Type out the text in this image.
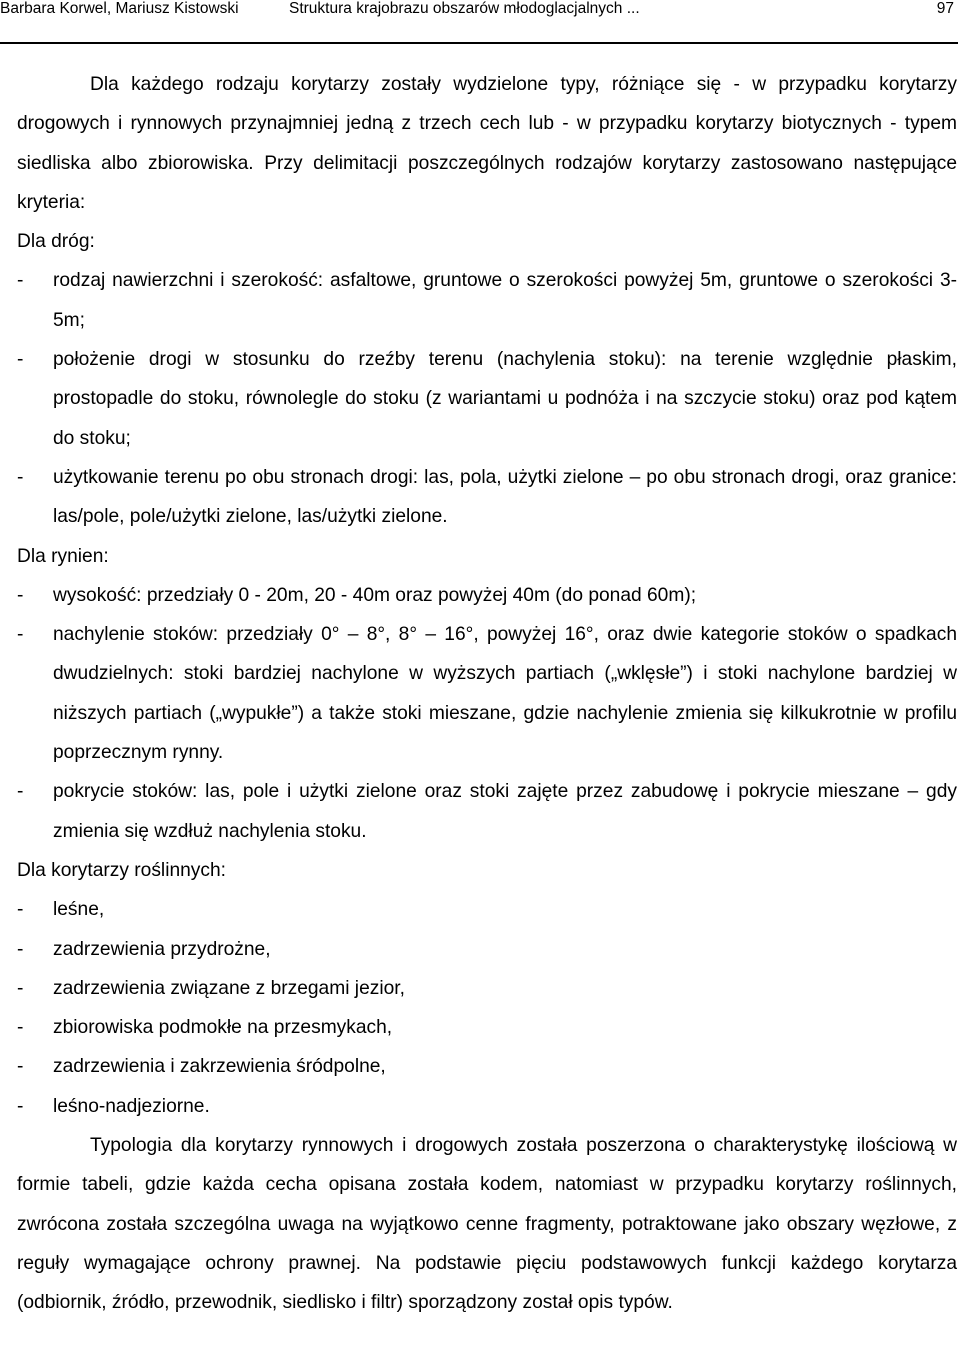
Barbara Korwel, Mariusz Kistowski	Struktura krajobrazu obszarów młodoglacjalnych ...	97

Dla każdego rodzaju korytarzy zostały wydzielone typy, różniące się - w przypadku korytarzy drogowych i rynnowych przynajmniej jedną z trzech cech lub - w przypadku korytarzy biotycznych - typem siedliska albo zbiorowiska. Przy delimitacji poszczególnych rodzajów korytarzy zastosowano następujące kryteria:

Dla dróg:

- rodzaj nawierzchni i szerokość: asfaltowe, gruntowe o szerokości powyżej 5m, gruntowe o szerokości 3-5m;
- położenie drogi w stosunku do rzeźby terenu (nachylenia stoku): na terenie względnie płaskim, prostopadle do stoku, równolegle do stoku (z wariantami u podnóża i na szczycie stoku) oraz pod kątem do stoku;
- użytkowanie terenu po obu stronach drogi: las, pola, użytki zielone – po obu stronach drogi, oraz granice: las/pole, pole/użytki zielone, las/użytki zielone.

Dla rynien:

- wysokość: przedziały 0 - 20m, 20 - 40m oraz powyżej 40m (do ponad 60m);
- nachylenie stoków: przedziały 0° – 8°, 8° – 16°, powyżej 16°, oraz dwie kategorie stoków o spadkach dwudzielnych: stoki bardziej nachylone w wyższych partiach („wklęsłe”) i stoki nachylone bardziej w niższych partiach („wypukłe”) a także stoki mieszane, gdzie nachylenie zmienia się kilkukrotnie w profilu poprzecznym rynny.
- pokrycie stoków: las, pole i użytki zielone oraz stoki zajęte przez zabudowę i pokrycie mieszane – gdy zmienia się wzdłuż nachylenia stoku.

Dla korytarzy roślinnych:

- leśne,
- zadrzewienia przydrożne,
- zadrzewienia związane z brzegami jezior,
- zbiorowiska podmokłe na przesmykach,
- zadrzewienia i zakrzewienia śródpolne,
- leśno-nadjeziorne.

Typologia dla korytarzy rynnowych i drogowych została poszerzona o charakterystykę ilościową w formie tabeli, gdzie każda cecha opisana została kodem, natomiast w przypadku korytarzy roślinnych, zwrócona została szczególna uwaga na wyjątkowo cenne fragmenty, potraktowane jako obszary węzłowe, z reguły wymagające ochrony prawnej. Na podstawie pięciu podstawowych funkcji każdego korytarza (odbiornik, źródło, przewodnik, siedlisko i filtr) sporządzony został opis typów.
